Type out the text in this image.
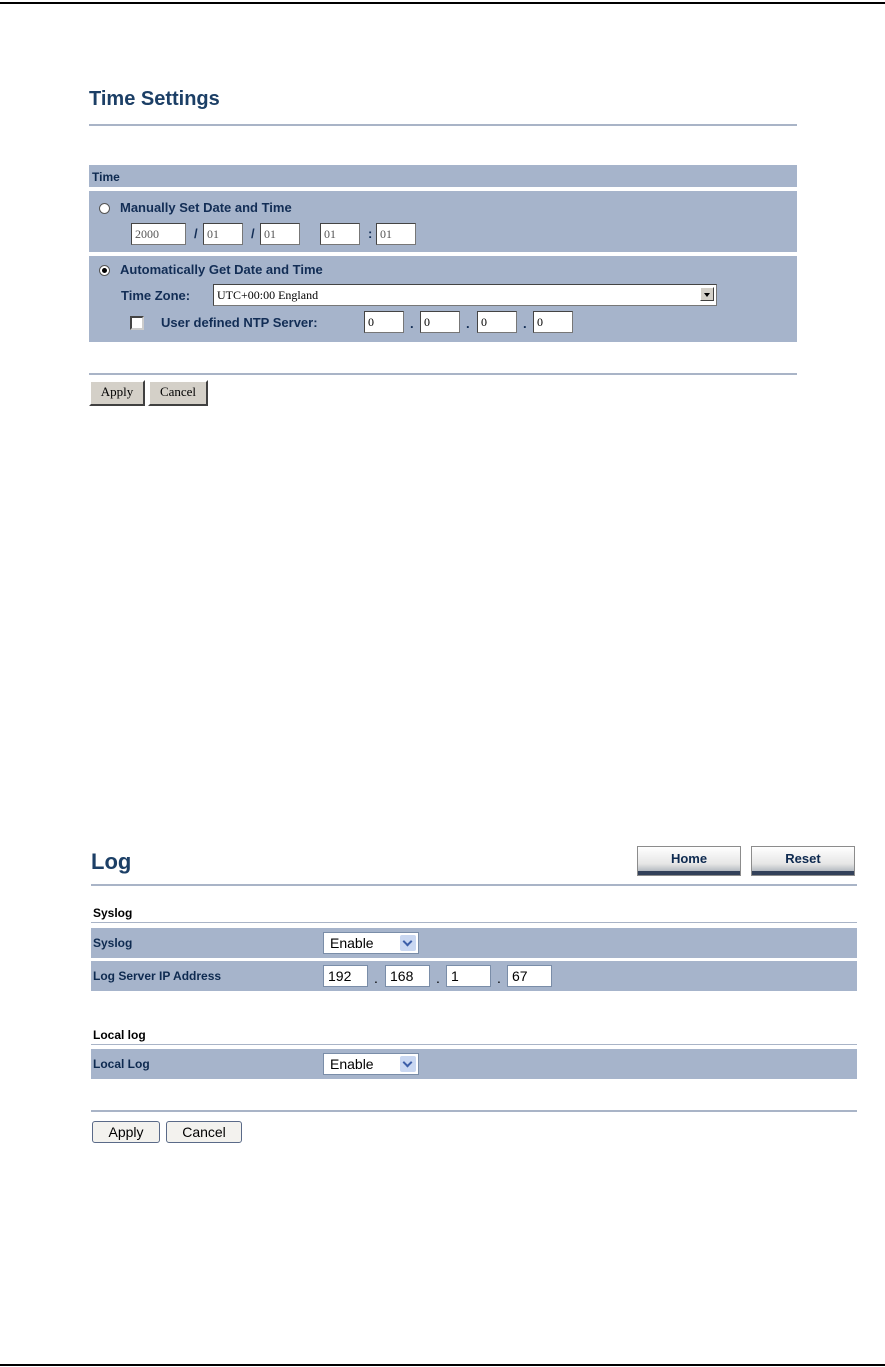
Time Settings
Time
Manually Set Date and Time
2000	/ 01	/ 01	01	: 01
Automatically Get Date and Time
Time Zone:	UTC+00:00 England
User defined NTP Server:	0	. 0	. 0	. 0
Apply	Cancel
Log	Home	Reset
Syslog
Syslog	Enable
Log Server IP Address	192	. 168	. 1	. 67
Local log
Local Log	Enable
Apply	Cancel
